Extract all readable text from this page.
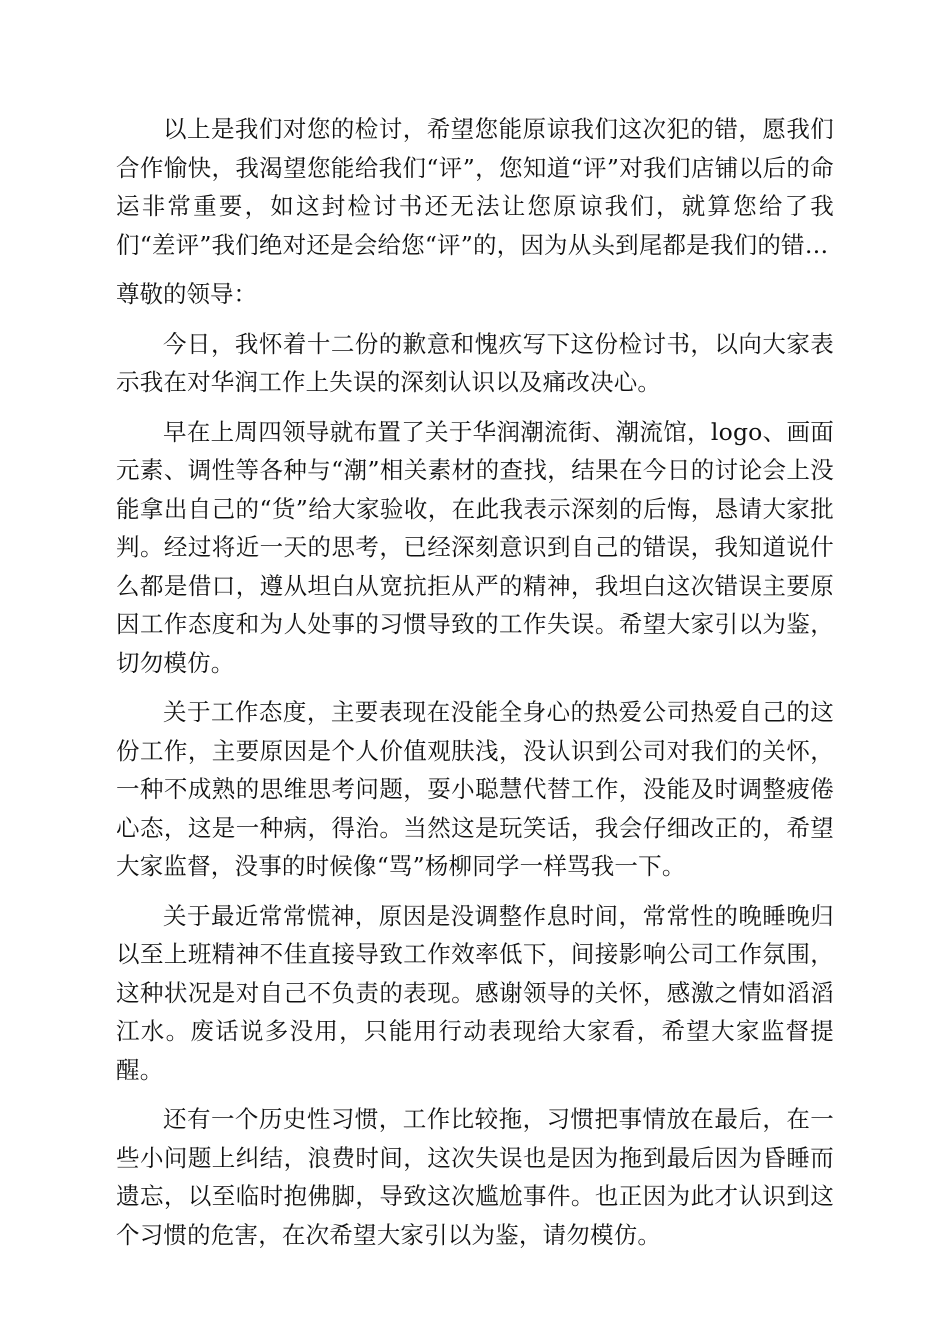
以上是我们对您的检讨，希望您能原谅我们这次犯的错，愿我们合作愉快，我渴望您能给我们“评”，您知道“评”对我们店铺以后的命运非常重要，如这封检讨书还无法让您原谅我们，就算您给了我们“差评”我们绝对还是会给您“评”的，因为从头到尾都是我们的错…

尊敬的领导：

今日，我怀着十二份的歉意和愧疚写下这份检讨书，以向大家表示我在对华润工作上失误的深刻认识以及痛改决心。

早在上周四领导就布置了关于华润潮流街、潮流馆，logo、画面元素、调性等各种与“潮”相关素材的查找，结果在今日的讨论会上没能拿出自己的“货”给大家验收，在此我表示深刻的后悔，恳请大家批判。经过将近一天的思考，已经深刻意识到自己的错误，我知道说什么都是借口，遵从坦白从宽抗拒从严的精神，我坦白这次错误主要原因工作态度和为人处事的习惯导致的工作失误。希望大家引以为鉴，切勿模仿。

关于工作态度，主要表现在没能全身心的热爱公司热爱自己的这份工作，主要原因是个人价值观肤浅，没认识到公司对我们的关怀，一种不成熟的思维思考问题，耍小聪慧代替工作，没能及时调整疲倦心态，这是一种病，得治。当然这是玩笑话，我会仔细改正的，希望大家监督，没事的时候像“骂”杨柳同学一样骂我一下。

关于最近常常慌神，原因是没调整作息时间，常常性的晚睡晚归以至上班精神不佳直接导致工作效率低下，间接影响公司工作氛围，这种状况是对自己不负责的表现。感谢领导的关怀，感激之情如滔滔江水。废话说多没用，只能用行动表现给大家看，希望大家监督提醒。

还有一个历史性习惯，工作比较拖，习惯把事情放在最后，在一些小问题上纠结，浪费时间，这次失误也是因为拖到最后因为昏睡而遗忘，以至临时抱佛脚，导致这次尴尬事件。也正因为此才认识到这个习惯的危害，在次希望大家引以为鉴，请勿模仿。
